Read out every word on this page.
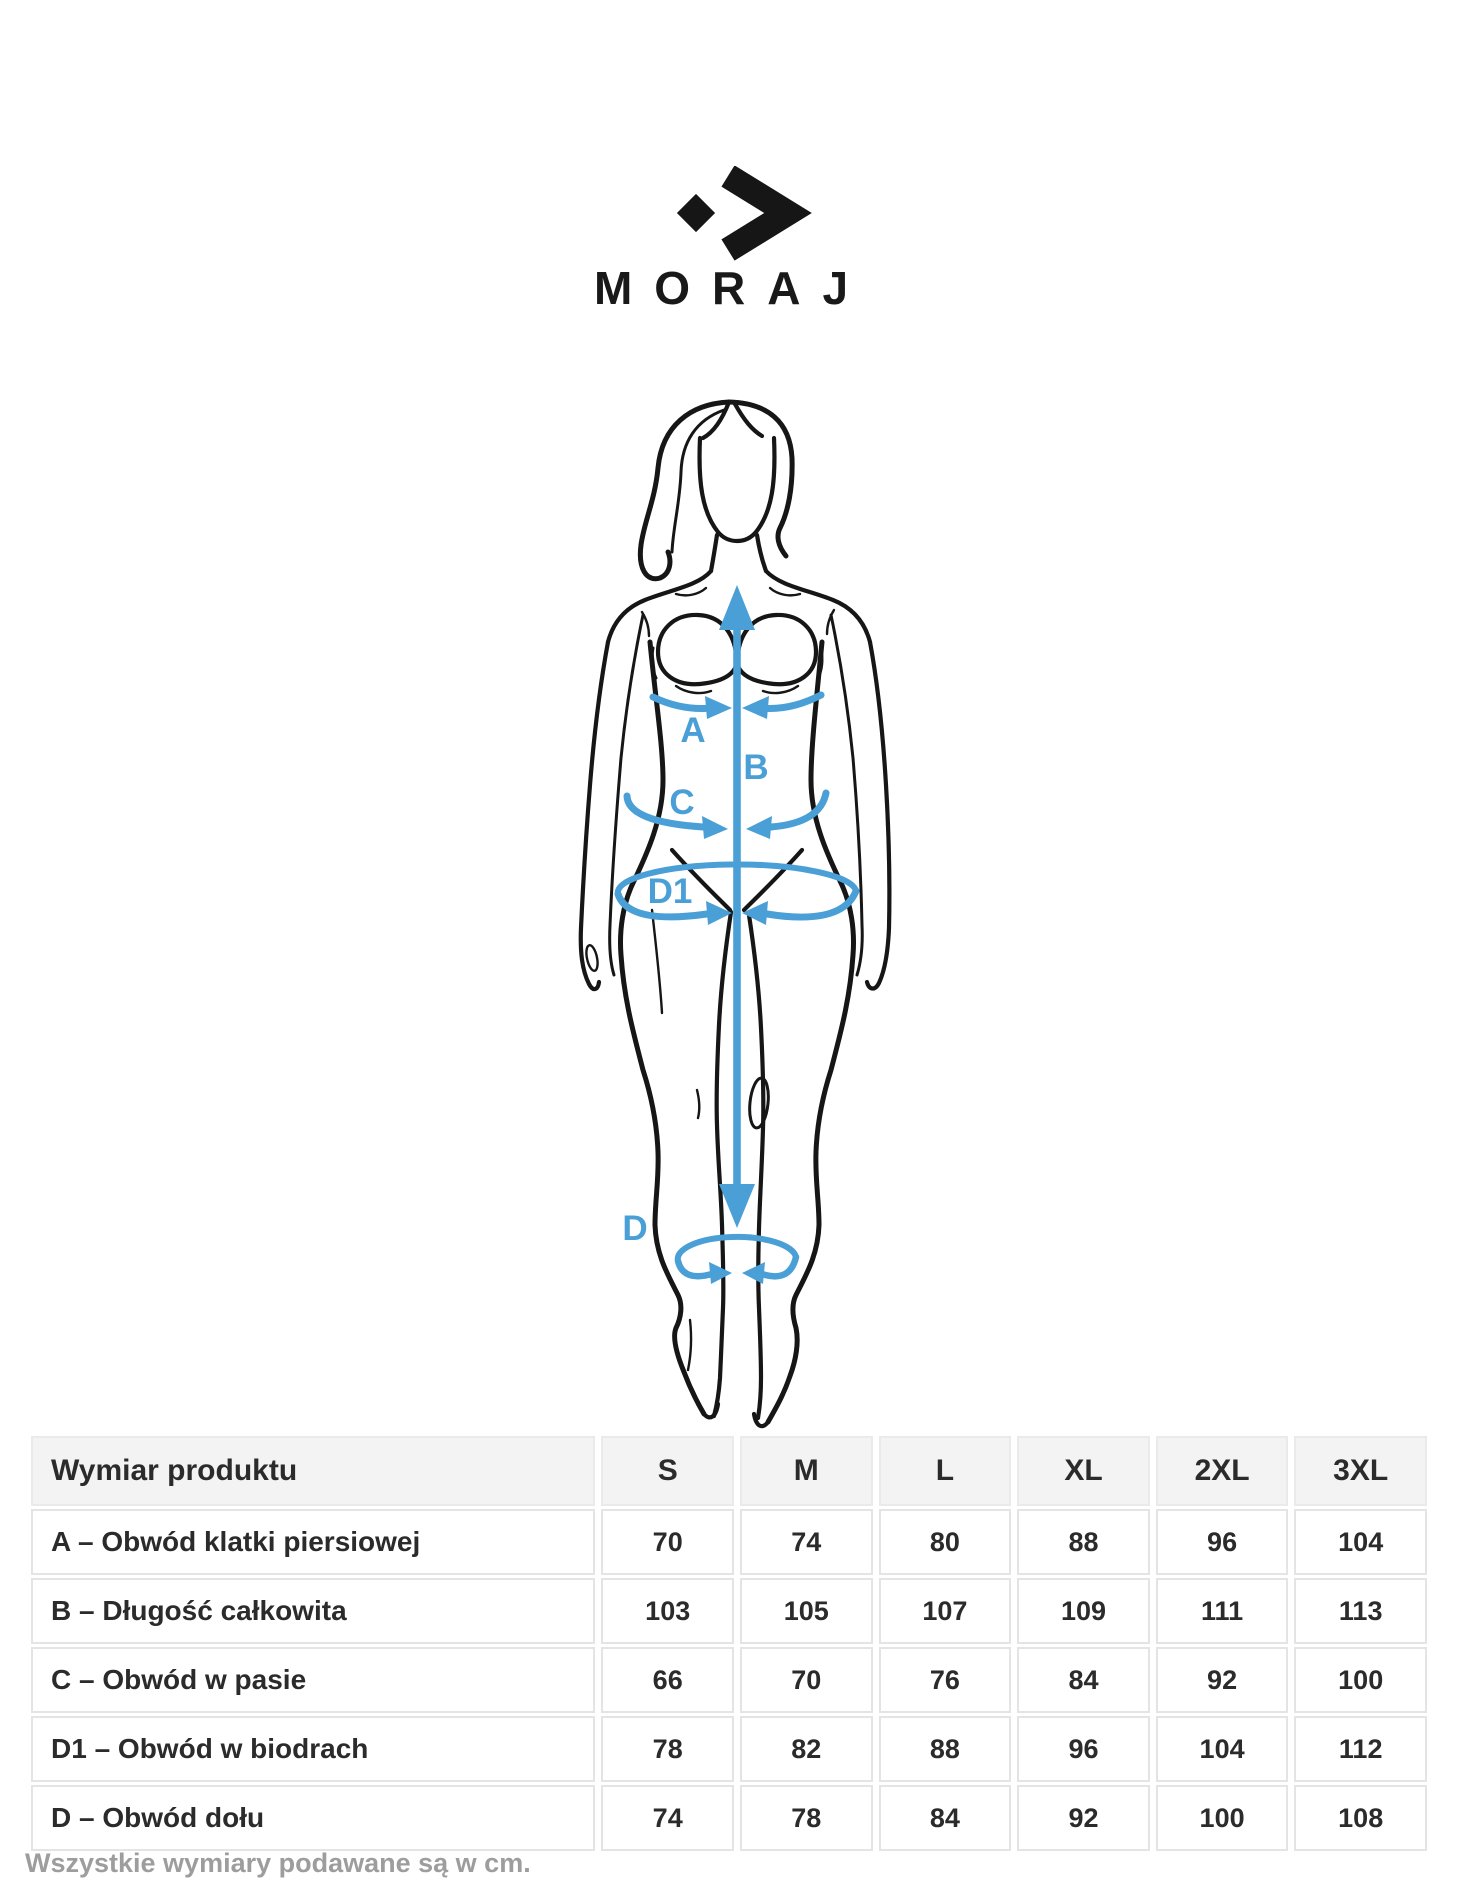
MORAJ
A
B
C
D1
D
Wymiar produktu	S	M	L	XL	2XL	3XL
A – Obwód klatki piersiowej	70	74	80	88	96	104
B – Długość całkowita	103	105	107	109	111	113
C – Obwód w pasie	66	70	76	84	92	100
D1 – Obwód w biodrach	78	82	88	96	104	112
D – Obwód dołu	74	78	84	92	100	108
Wszystkie wymiary podawane są w cm.
